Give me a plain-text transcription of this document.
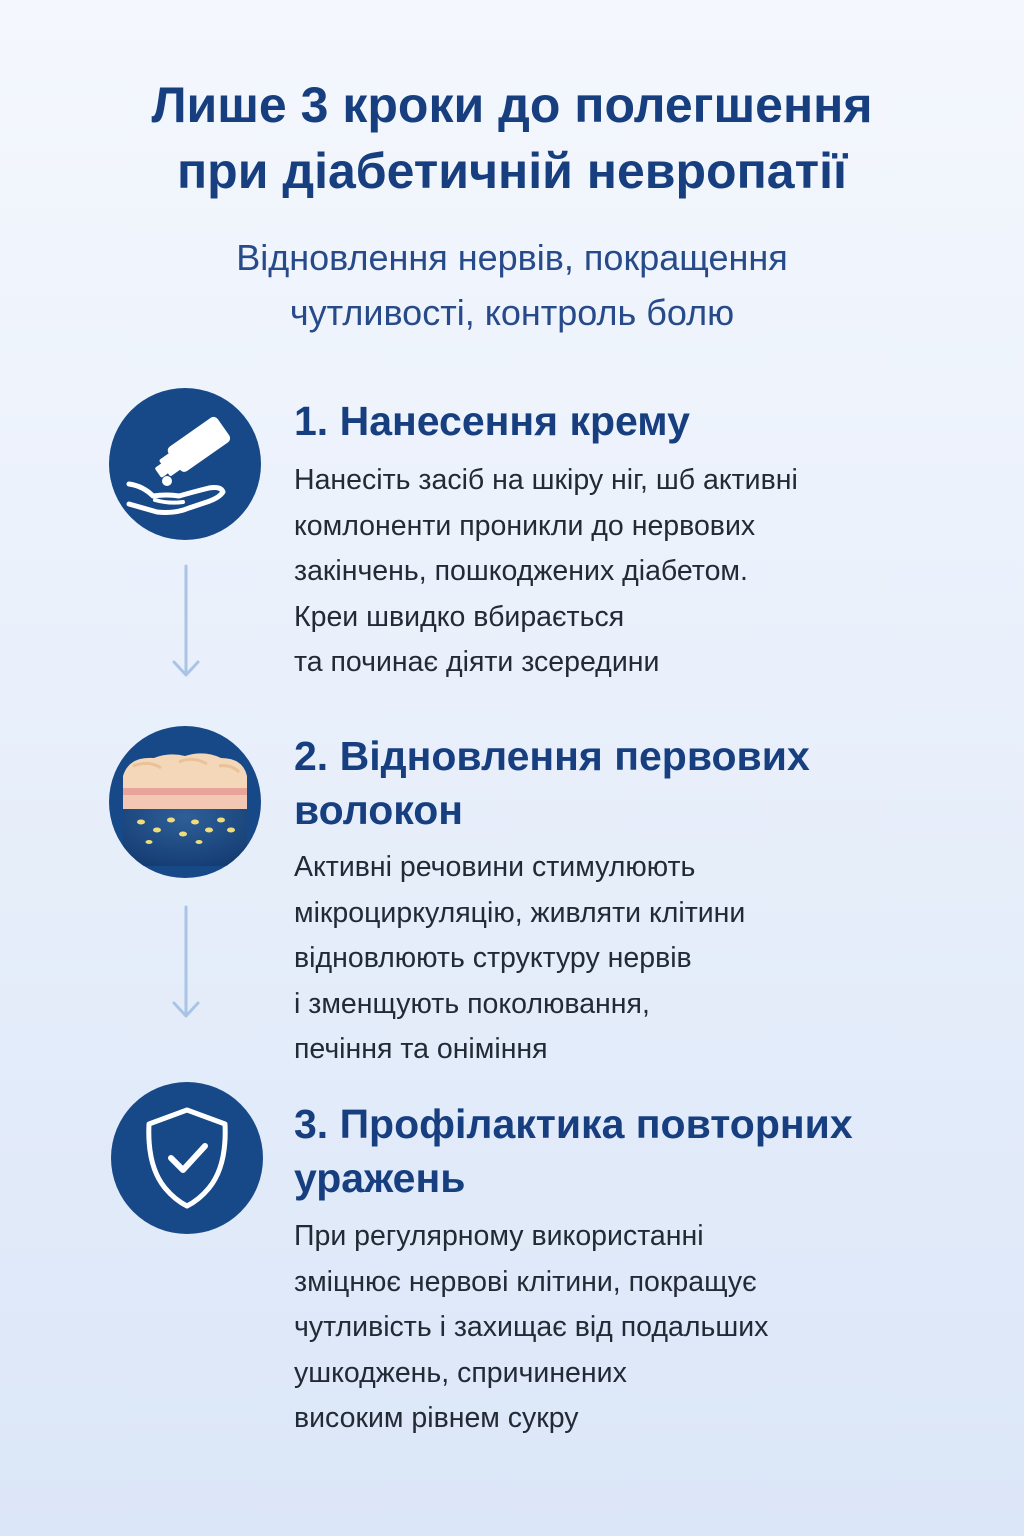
Лише 3 кроки до полегшення
при діабетичній невропатії

Відновлення нервів, покращення
чутливості, контроль болю

1. Нанесення крему
Нанесіть засіб на шкіру ніг, шб активні
комлоненти проникли до нервових
закінчень, пошкоджених діабетом.
Креи швидко вбирається
та починає діяти зсередини
2. Відновлення первових
волокон
Активні речовини стимулюють
мікроциркуляцію, живляти клітини
відновлюють структуру нервів
і зменщують поколювання,
печіння та оніміння
3. Профілактика повторних
уражень
При регулярному використанні
зміцнює нервові клітини, покращує
чутливість і захищає від подальших
ушкоджень, спричинених
високим рівнем сукру
